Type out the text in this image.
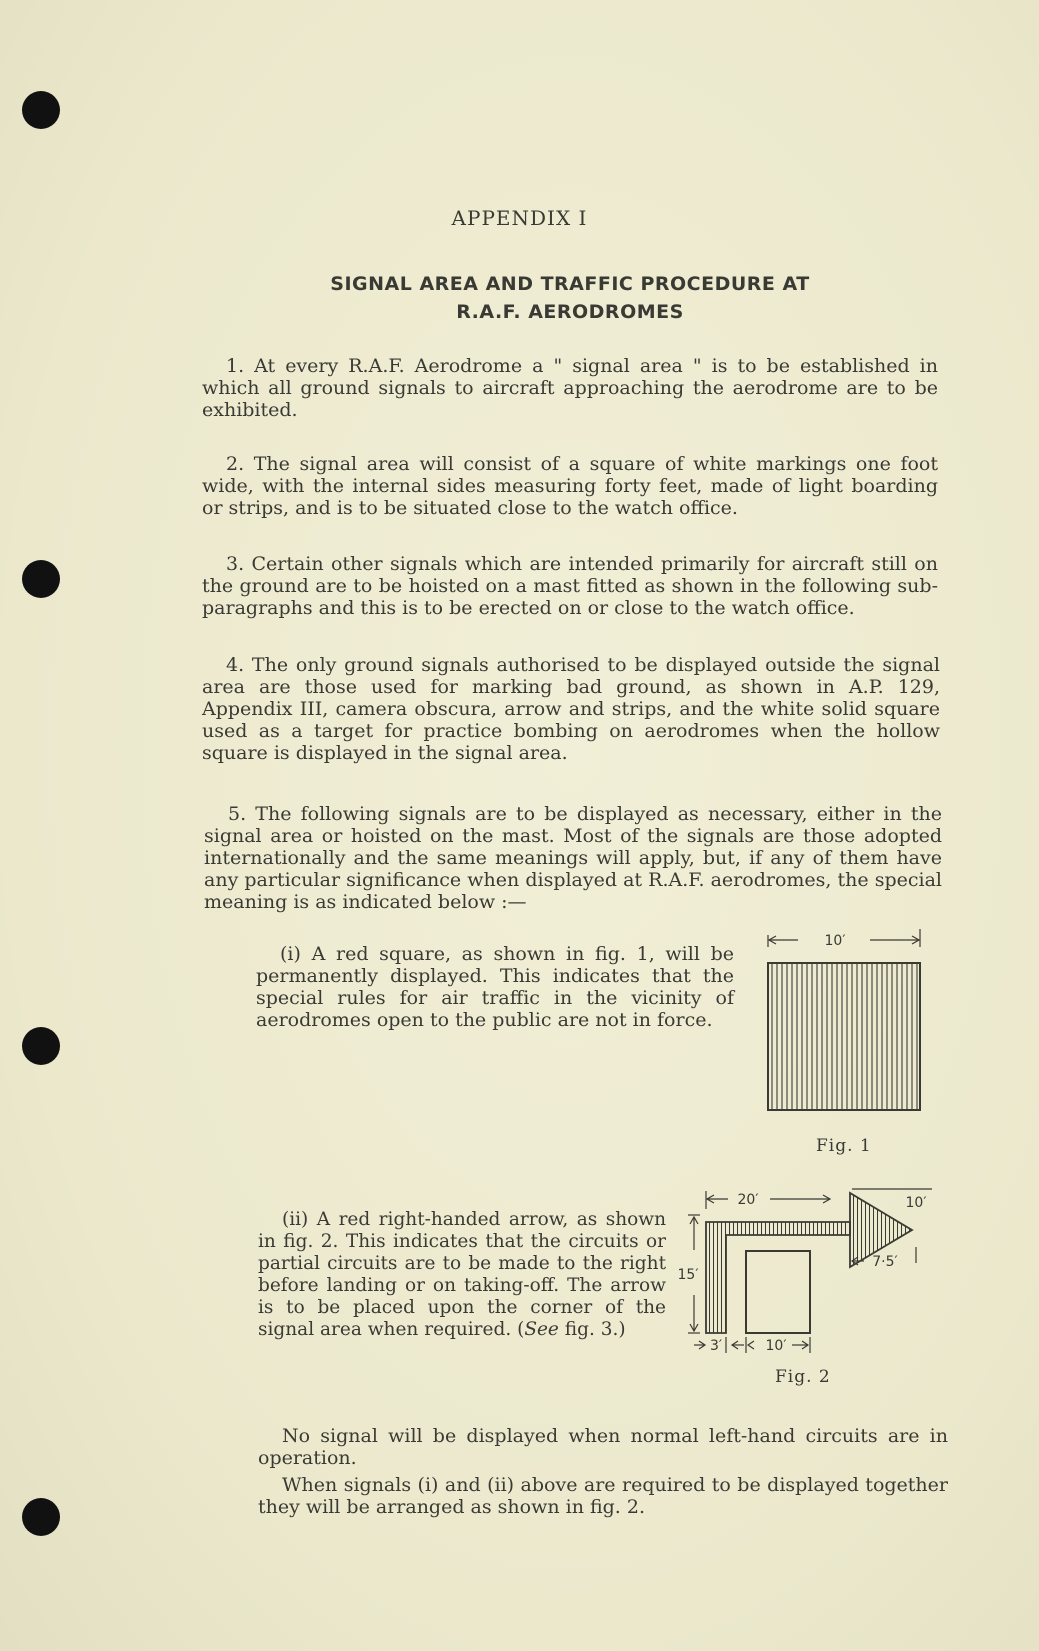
APPENDIX I
SIGNAL AREA AND TRAFFIC PROCEDURE AT
R.A.F. AERODROMES
1. At every R.A.F. Aerodrome a " signal area " is to be established in which all ground signals to aircraft approaching the aerodrome are to be exhibited.
2. The signal area will consist of a square of white markings one foot wide, with the internal sides measuring forty feet, made of light boarding or strips, and is to be situated close to the watch office.
3. Certain other signals which are intended primarily for aircraft still on the ground are to be hoisted on a mast fitted as shown in the following sub-paragraphs and this is to be erected on or close to the watch office.
4. The only ground signals authorised to be displayed outside the signal area are those used for marking bad ground, as shown in A.P. 129, Appendix III, camera obscura, arrow and strips, and the white solid square used as a target for practice bombing on aerodromes when the hollow square is displayed in the signal area.
5. The following signals are to be displayed as necessary, either in the signal area or hoisted on the mast. Most of the signals are those adopted internationally and the same meanings will apply, but, if any of them have any particular significance when displayed at R.A.F. aerodromes, the special meaning is as indicated below :—
(i) A red square, as shown in fig. 1, will be permanently displayed. This indicates that the special rules for air traffic in the vicinity of aerodromes open to the public are not in force.
(ii) A red right-handed arrow, as shown in fig. 2. This indicates that the circuits or partial circuits are to be made to the right before landing or on taking-off. The arrow is to be placed upon the corner of the signal area when required. (See fig. 3.)
No signal will be displayed when normal left-hand circuits are in operation.
When signals (i) and (ii) above are required to be displayed together they will be arranged as shown in fig. 2.
10′
Fig. 1
20′	10′
15′
3′	10′
7·5′
Fig. 2
